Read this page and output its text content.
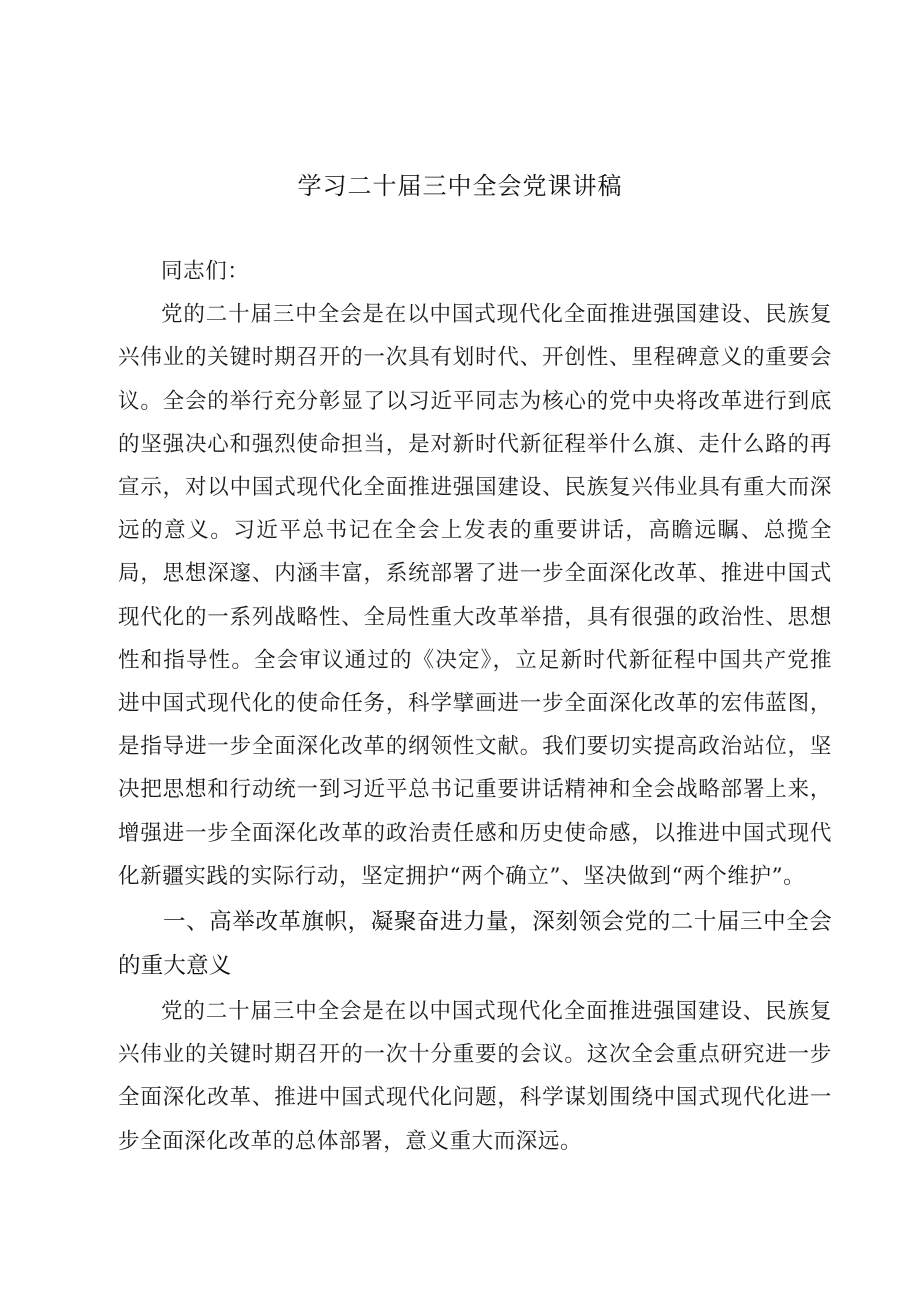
学习二十届三中全会党课讲稿

同志们：

党的二十届三中全会是在以中国式现代化全面推进强国建设、民族复兴伟业的关键时期召开的一次具有划时代、开创性、里程碑意义的重要会议。全会的举行充分彰显了以习近平同志为核心的党中央将改革进行到底的坚强决心和强烈使命担当，是对新时代新征程举什么旗、走什么路的再宣示，对以中国式现代化全面推进强国建设、民族复兴伟业具有重大而深远的意义。习近平总书记在全会上发表的重要讲话，高瞻远瞩、总揽全局，思想深邃、内涵丰富，系统部署了进一步全面深化改革、推进中国式现代化的一系列战略性、全局性重大改革举措，具有很强的政治性、思想性和指导性。全会审议通过的《决定》，立足新时代新征程中国共产党推进中国式现代化的使命任务，科学擘画进一步全面深化改革的宏伟蓝图，是指导进一步全面深化改革的纲领性文献。我们要切实提高政治站位，坚决把思想和行动统一到习近平总书记重要讲话精神和全会战略部署上来，增强进一步全面深化改革的政治责任感和历史使命感，以推进中国式现代化新疆实践的实际行动，坚定拥护“两个确立”、坚决做到“两个维护”。

一、高举改革旗帜，凝聚奋进力量，深刻领会党的二十届三中全会的重大意义

党的二十届三中全会是在以中国式现代化全面推进强国建设、民族复兴伟业的关键时期召开的一次十分重要的会议。这次全会重点研究进一步全面深化改革、推进中国式现代化问题，科学谋划围绕中国式现代化进一步全面深化改革的总体部署，意义重大而深远。
